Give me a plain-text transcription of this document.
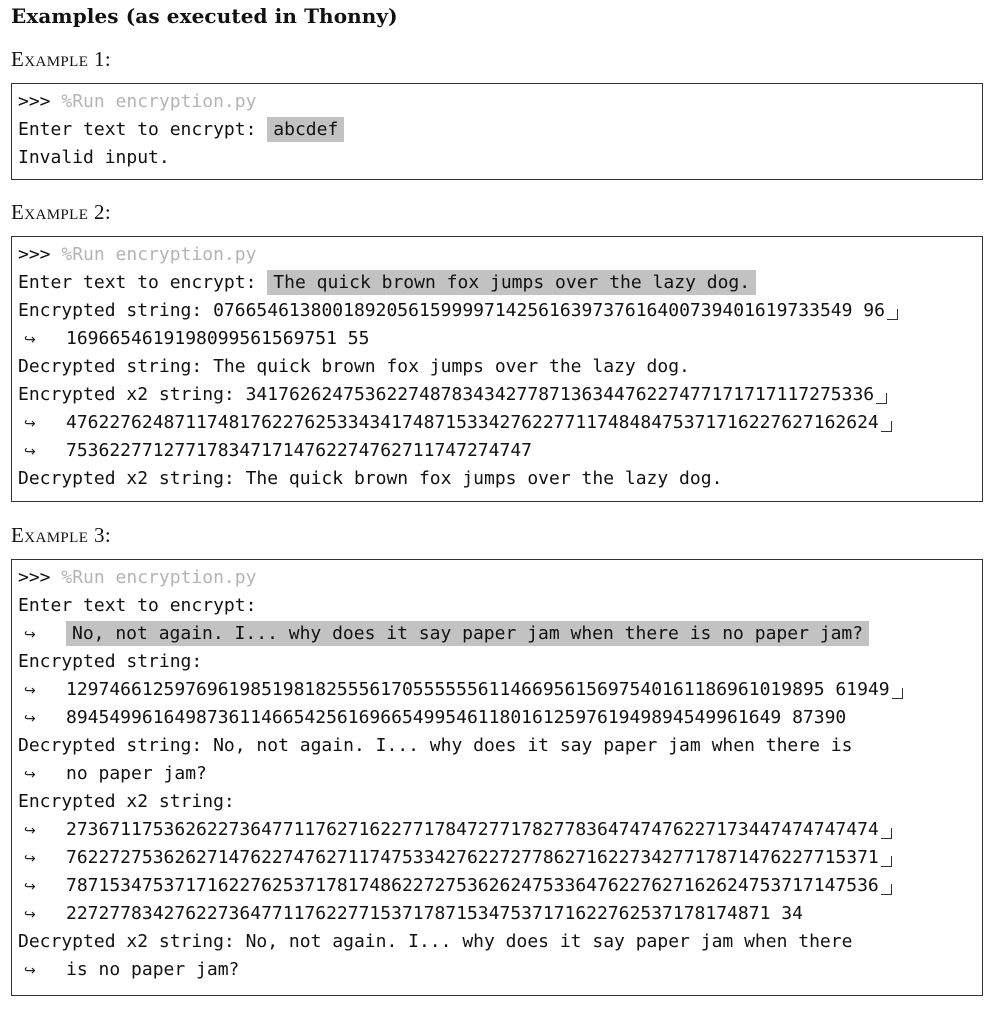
Examples (as executed in Thonny)
Example 1:
>>> %Run encryption.py
Enter text to encrypt: abcdef
Invalid input.
Example 2:
>>> %Run encryption.py
Enter text to encrypt: The quick brown fox jumps over the lazy dog.
Encrypted string: 07665461380018920561599997142561639737616400739401619733549 96
↪ 1696654619198099561569751 55
Decrypted string: The quick brown fox jumps over the lazy dog.
Encrypted x2 string: 3417626247536227487834342778713634476227477171717117275336
↪ 476227624871174817622762533434174871533427622771174848475371716227627162624
↪ 7536227712771783471714762274762711747274747
Decrypted x2 string: The quick brown fox jumps over the lazy dog.
Example 3:
>>> %Run encryption.py
Enter text to encrypt:
↪ No, not again. I... why does it say paper jam when there is no paper jam?
Encrypted string:
↪ 1297466125976961985198182555617055555561146695615697540161186961019895 61949
↪ 894549961649873611466542561696654995461180161259761949894549961649 87390
Decrypted string: No, not again. I... why does it say paper jam when there is
↪ no paper jam?
Encrypted x2 string:
↪ 273671175362622736477117627162277178472771782778364747476227173447474747474
↪ 762272753626271476227476271174753342762272778627162273427717871476227715371
↪ 787153475371716227625371781748622727536262475336476227627162624753717147536
↪ 22727783427622736477117622771537178715347537171622762537178174871 34
Decrypted x2 string: No, not again. I... why does it say paper jam when there
↪ is no paper jam?
